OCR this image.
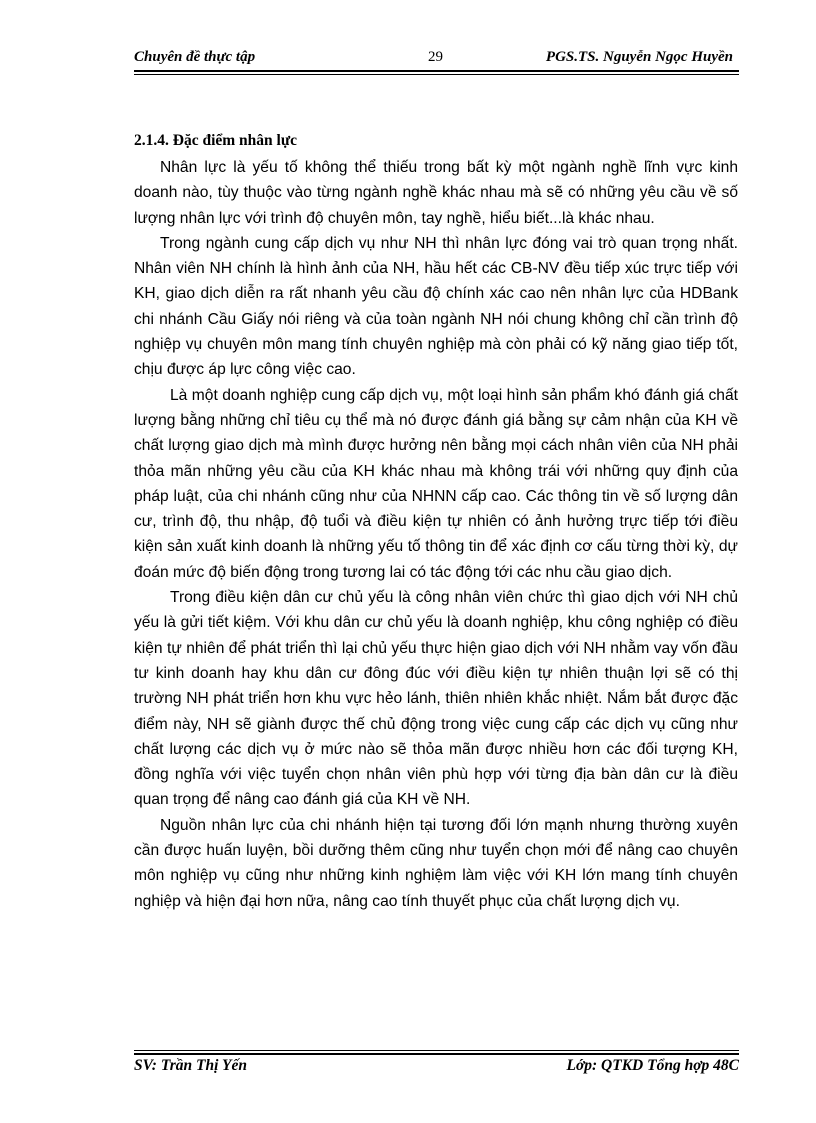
Chuyên đề thực tập	29	PGS.TS. Nguyễn Ngọc Huyền
2.1.4. Đặc điểm nhân lực

Nhân lực là yếu tố không thể thiếu trong bất kỳ một ngành nghề lĩnh vực kinh doanh nào, tùy thuộc vào từng ngành nghề khác nhau mà sẽ có những yêu cầu về số lượng nhân lực với trình độ chuyên môn, tay nghề, hiểu biết...là khác nhau.

Trong ngành cung cấp dịch vụ như NH thì nhân lực đóng vai trò quan trọng nhất. Nhân viên NH chính là hình ảnh của NH, hầu hết các CB-NV đều tiếp xúc trực tiếp với KH, giao dịch diễn ra rất nhanh yêu cầu độ chính xác cao nên nhân lực của HDBank chi nhánh Cầu Giấy nói riêng và của toàn ngành NH nói chung không chỉ cần trình độ nghiệp vụ chuyên môn mang tính chuyên nghiệp mà còn phải có kỹ năng giao tiếp tốt, chịu được áp lực công việc cao.

Là một doanh nghiệp cung cấp dịch vụ, một loại hình sản phẩm khó đánh giá chất lượng bằng những chỉ tiêu cụ thể mà nó được đánh giá bằng sự cảm nhận của KH về chất lượng giao dịch mà mình được hưởng nên bằng mọi cách nhân viên của NH phải thỏa mãn những yêu cầu của KH khác nhau mà không trái với những quy định của pháp luật, của chi nhánh cũng như của NHNN cấp cao. Các thông tin về số lượng dân cư, trình độ, thu nhập, độ tuổi và điều kiện tự nhiên có ảnh hưởng trực tiếp tới điều kiện sản xuất kinh doanh là những yếu tố thông tin để xác định cơ cấu từng thời kỳ, dự đoán mức độ biến động trong tương lai có tác động tới các nhu cầu giao dịch.

Trong điều kiện dân cư chủ yếu là công nhân viên chức thì giao dịch với NH chủ yếu là gửi tiết kiệm. Với khu dân cư chủ yếu là doanh nghiệp, khu công nghiệp có điều kiện tự nhiên để phát triển thì lại chủ yếu thực hiện giao dịch với NH nhằm vay vốn đầu tư kinh doanh hay khu dân cư đông đúc với điều kiện tự nhiên thuận lợi sẽ có thị trường NH phát triển hơn khu vực hẻo lánh, thiên nhiên khắc nhiệt. Nắm bắt được đặc điểm này, NH sẽ giành được thế chủ động trong việc cung cấp các dịch vụ cũng như chất lượng các dịch vụ ở mức nào sẽ thỏa mãn được nhiều hơn các đối tượng KH, đồng nghĩa với việc tuyển chọn nhân viên phù hợp với từng địa bàn dân cư là điều quan trọng để nâng cao đánh giá của KH về NH.

Nguồn nhân lực của chi nhánh hiện tại tương đối lớn mạnh nhưng thường xuyên cần được huấn luyện, bồi dưỡng thêm cũng như tuyển chọn mới để nâng cao chuyên môn nghiệp vụ cũng như những kinh nghiệm làm việc với KH lớn mang tính chuyên nghiệp và hiện đại hơn nữa, nâng cao tính thuyết phục của chất lượng dịch vụ.

SV: Trần Thị Yến	Lớp: QTKD Tổng hợp 48C
